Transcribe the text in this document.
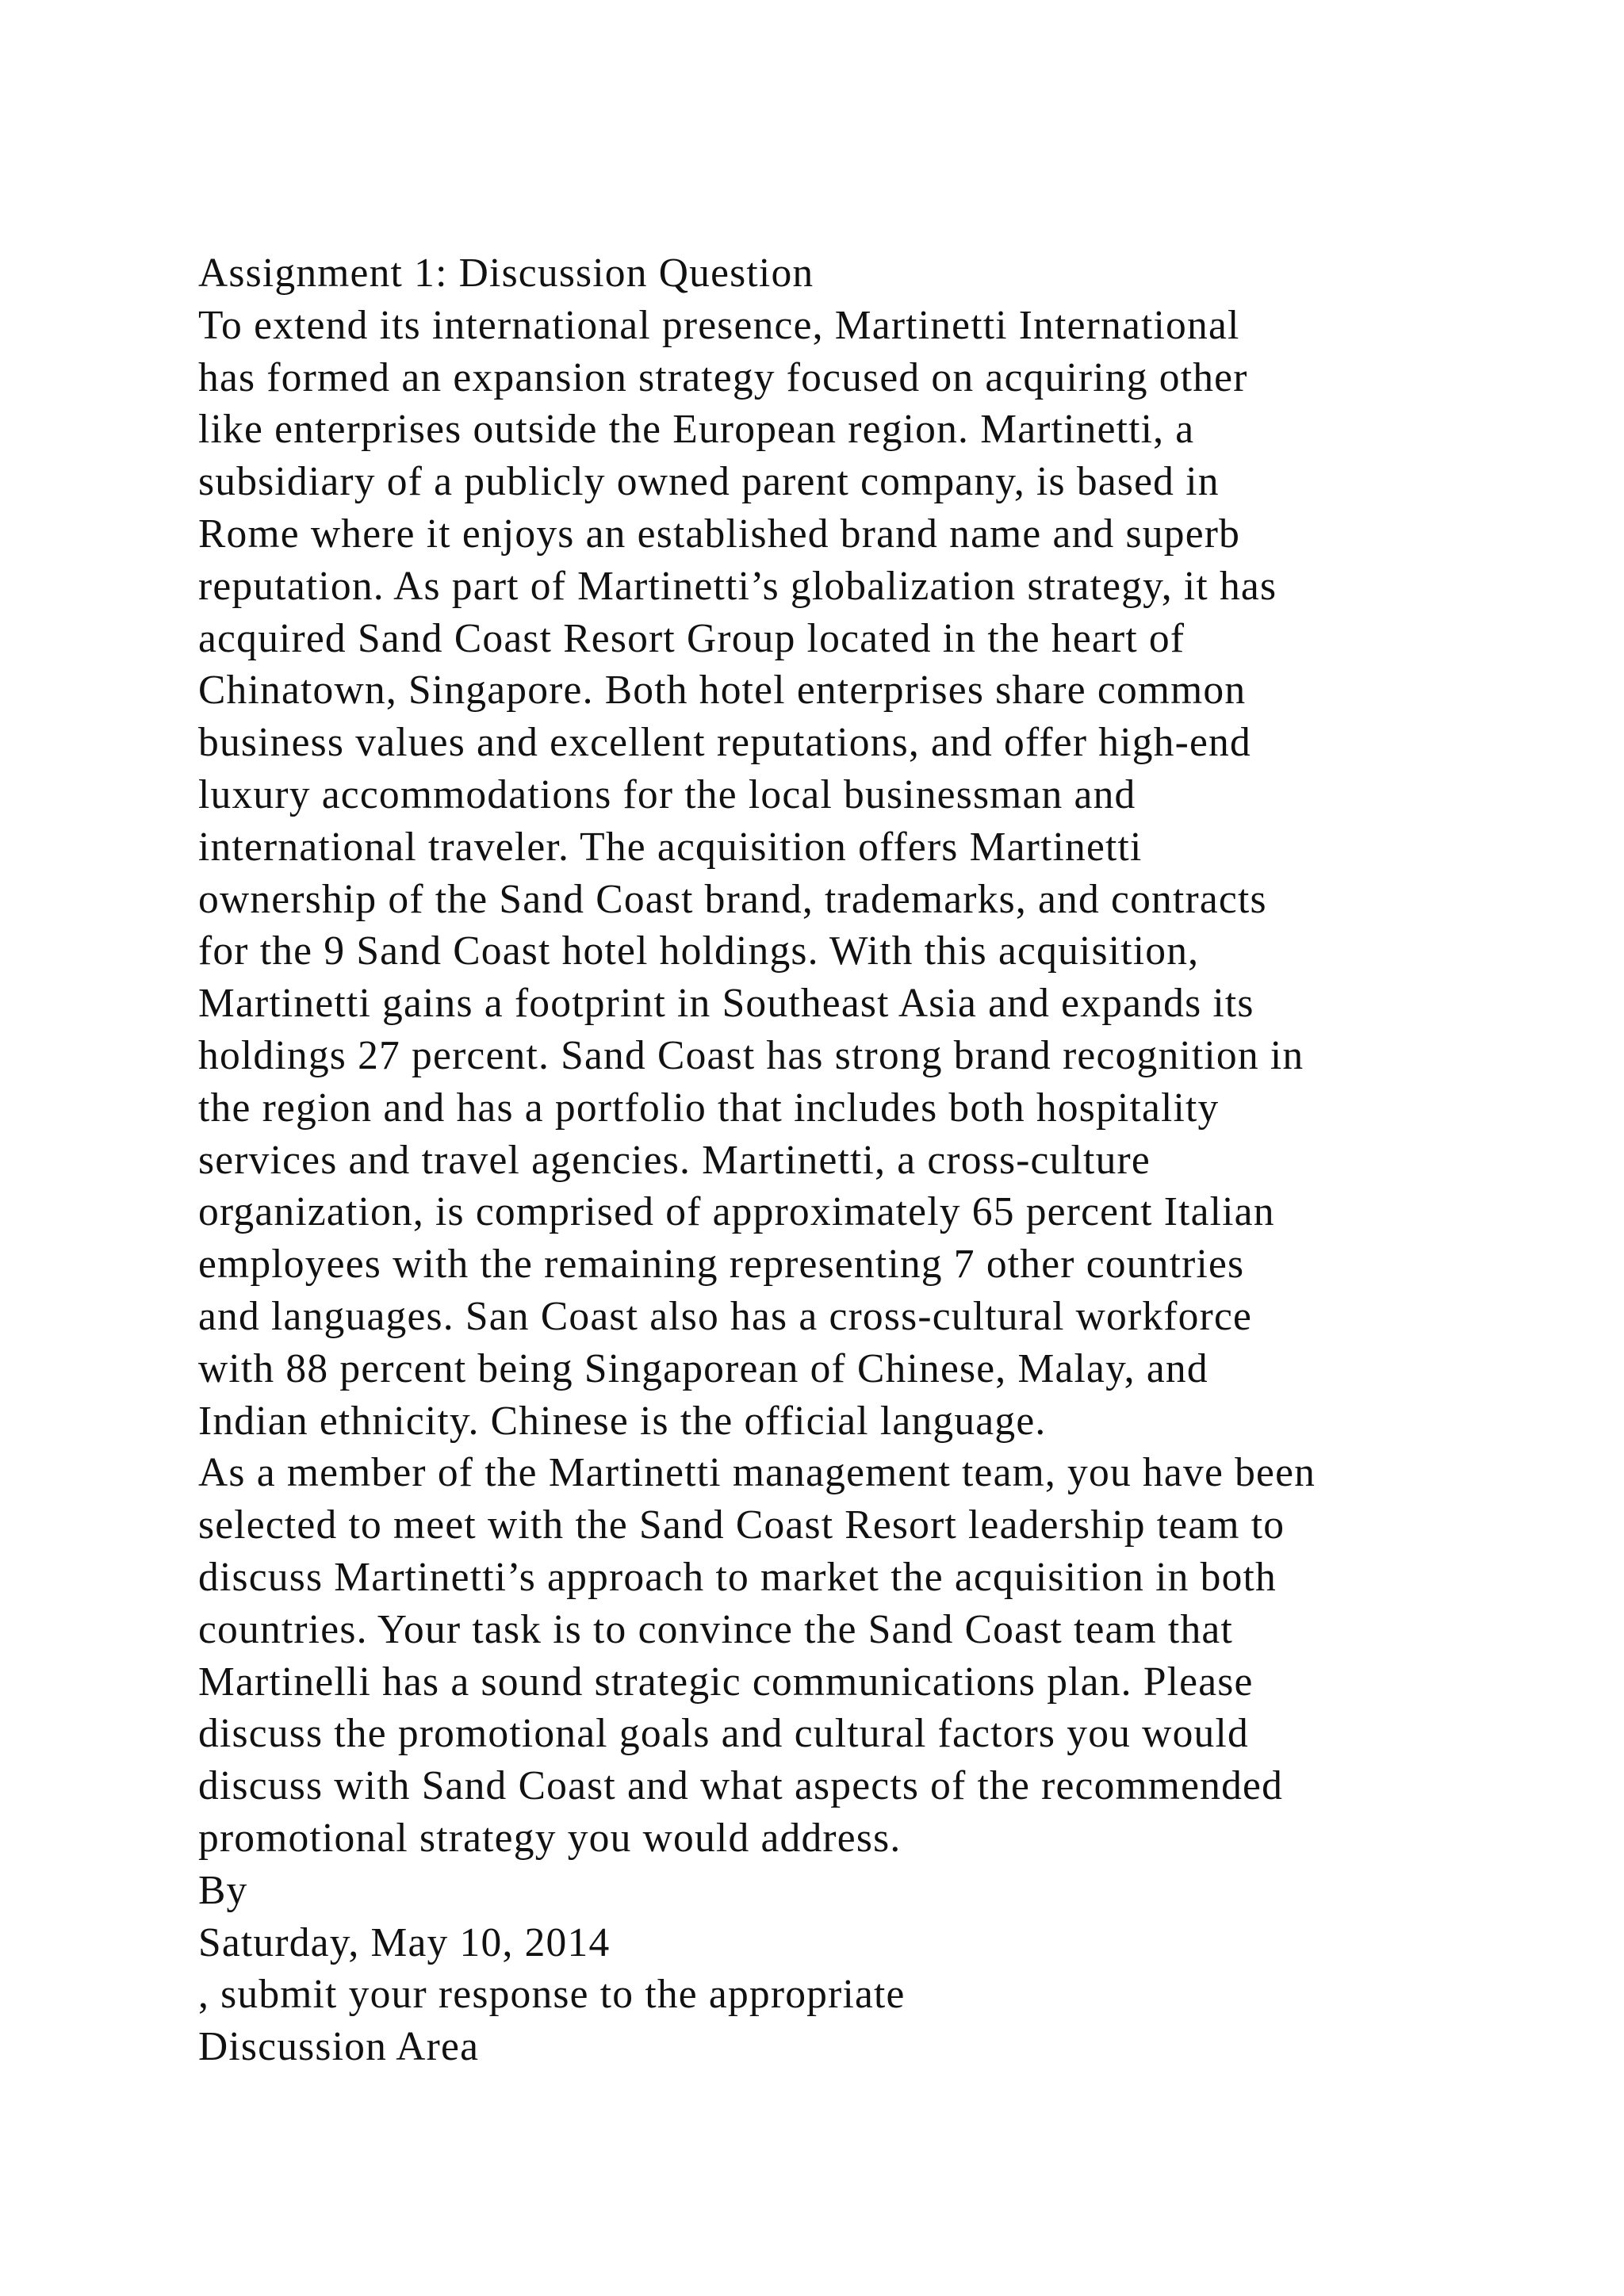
Assignment 1: Discussion Question
To extend its international presence, Martinetti International
has formed an expansion strategy focused on acquiring other
like enterprises outside the European region. Martinetti, a
subsidiary of a publicly owned parent company, is based in
Rome where it enjoys an established brand name and superb
reputation. As part of Martinetti’s globalization strategy, it has
acquired Sand Coast Resort Group located in the heart of
Chinatown, Singapore. Both hotel enterprises share common
business values and excellent reputations, and offer high-end
luxury accommodations for the local businessman and
international traveler. The acquisition offers Martinetti
ownership of the Sand Coast brand, trademarks, and contracts
for the 9 Sand Coast hotel holdings. With this acquisition,
Martinetti gains a footprint in Southeast Asia and expands its
holdings 27 percent. Sand Coast has strong brand recognition in
the region and has a portfolio that includes both hospitality
services and travel agencies. Martinetti, a cross-culture
organization, is comprised of approximately 65 percent Italian
employees with the remaining representing 7 other countries
and languages. San Coast also has a cross-cultural workforce
with 88 percent being Singaporean of Chinese, Malay, and
Indian ethnicity. Chinese is the official language.
As a member of the Martinetti management team, you have been
selected to meet with the Sand Coast Resort leadership team to
discuss Martinetti’s approach to market the acquisition in both
countries. Your task is to convince the Sand Coast team that
Martinelli has a sound strategic communications plan. Please
discuss the promotional goals and cultural factors you would
discuss with Sand Coast and what aspects of the recommended
promotional strategy you would address.
By
Saturday, May 10, 2014
, submit your response to the appropriate
Discussion Area
